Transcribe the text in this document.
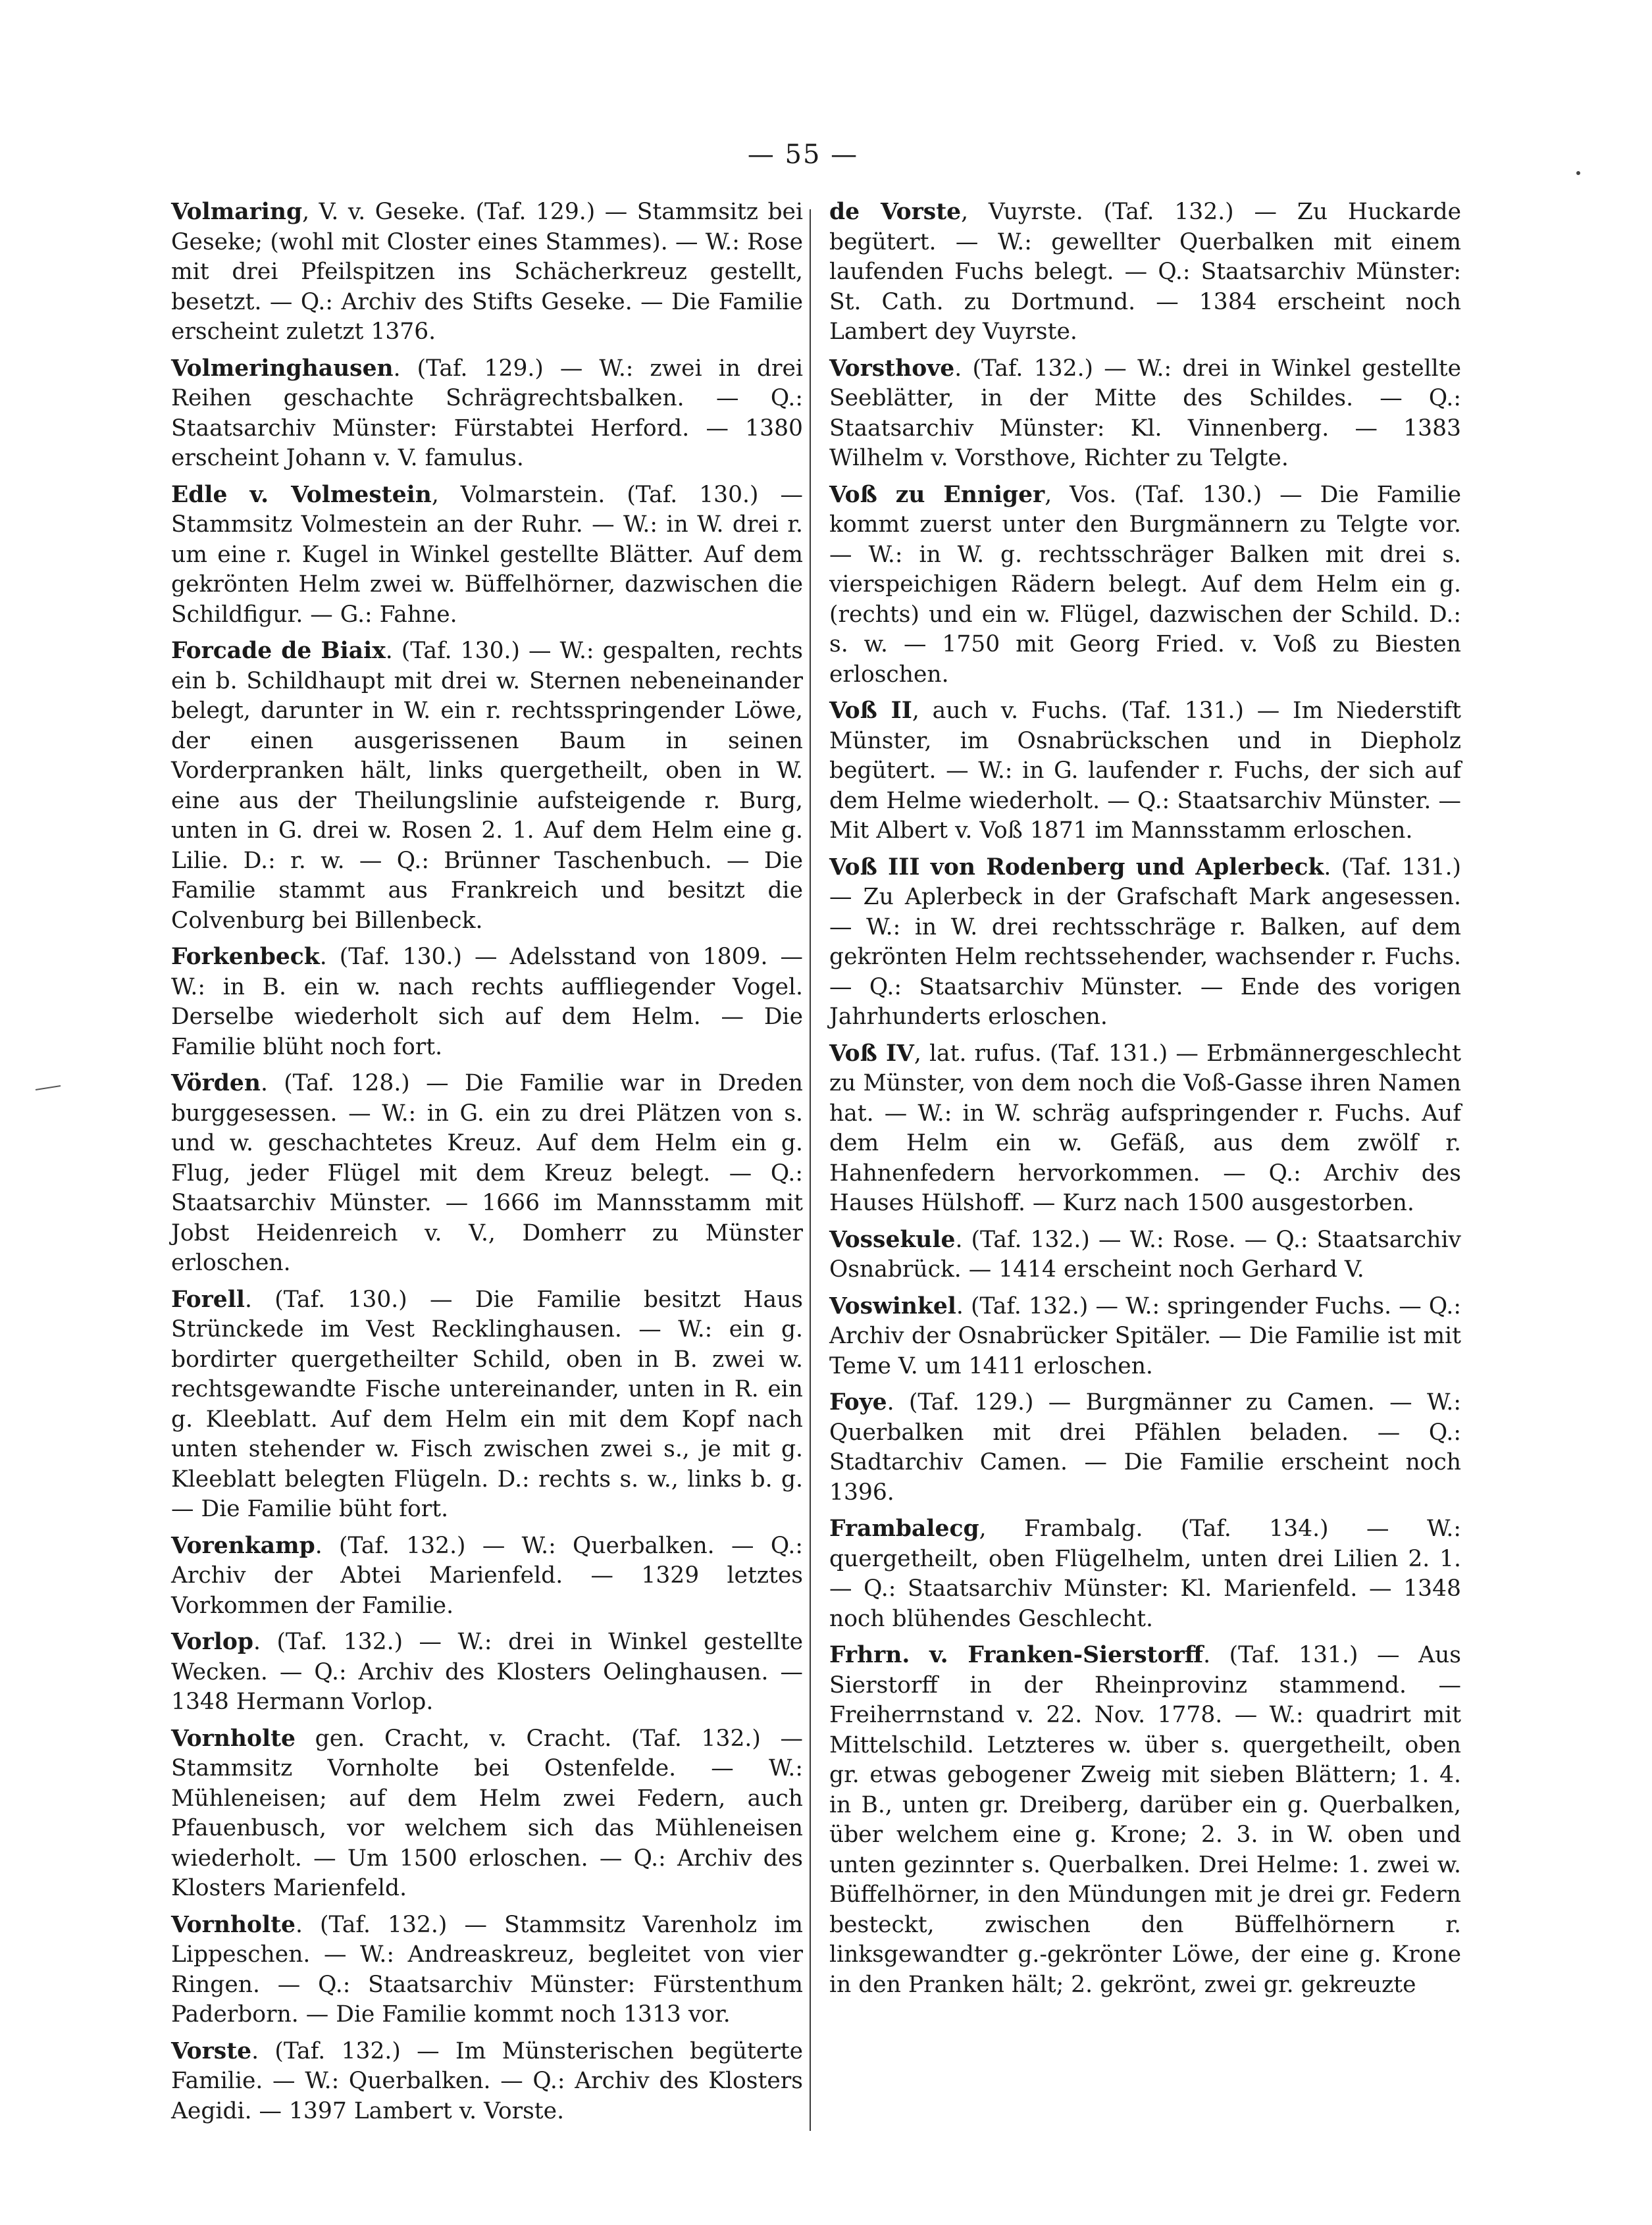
— 55 —
Volmaring, V. v. Geseke. (Taf. 129.) — Stammsitz bei Geseke; (wohl mit Closter eines Stammes). — W.: Rose mit drei Pfeilspitzen ins Schächerkreuz gestellt, besetzt. — Q.: Archiv des Stifts Geseke. — Die Familie erscheint zuletzt 1376.
Volmeringhausen. (Taf. 129.) — W.: zwei in drei Reihen geschachte Schrägrechtsbalken. — Q.: Staatsarchiv Münster: Fürstabtei Herford. — 1380 erscheint Johann v. V. famulus.
Edle v. Volmestein, Volmarstein. (Taf. 130.) — Stammsitz Volmestein an der Ruhr. — W.: in W. drei r. um eine r. Kugel in Winkel gestellte Blätter. Auf dem gekrönten Helm zwei w. Büffelhörner, dazwischen die Schildfigur. — G.: Fahne.
Forcade de Biaix. (Taf. 130.) — W.: gespalten, rechts ein b. Schildhaupt mit drei w. Sternen nebeneinander belegt, darunter in W. ein r. rechtsspringender Löwe, der einen ausgerissenen Baum in seinen Vorderpranken hält, links quergetheilt, oben in W. eine aus der Theilungslinie aufsteigende r. Burg, unten in G. drei w. Rosen 2. 1. Auf dem Helm eine g. Lilie. D.: r. w. — Q.: Brünner Taschenbuch. — Die Familie stammt aus Frankreich und besitzt die Colvenburg bei Billenbeck.
Forkenbeck. (Taf. 130.) — Adelsstand von 1809. — W.: in B. ein w. nach rechts auffliegender Vogel. Derselbe wiederholt sich auf dem Helm. — Die Familie blüht noch fort.
Vörden. (Taf. 128.) — Die Familie war in Dreden burggesessen. — W.: in G. ein zu drei Plätzen von s. und w. geschachtetes Kreuz. Auf dem Helm ein g. Flug, jeder Flügel mit dem Kreuz belegt. — Q.: Staatsarchiv Münster. — 1666 im Mannsstamm mit Jobst Heidenreich v. V., Domherr zu Münster erloschen.
Forell. (Taf. 130.) — Die Familie besitzt Haus Strünckede im Vest Recklinghausen. — W.: ein g. bordirter quergetheilter Schild, oben in B. zwei w. rechtsgewandte Fische untereinander, unten in R. ein g. Kleeblatt. Auf dem Helm ein mit dem Kopf nach unten stehender w. Fisch zwischen zwei s., je mit g. Kleeblatt belegten Flügeln. D.: rechts s. w., links b. g. — Die Familie büht fort.
Vorenkamp. (Taf. 132.) — W.: Querbalken. — Q.: Archiv der Abtei Marienfeld. — 1329 letztes Vorkommen der Familie.
Vorlop. (Taf. 132.) — W.: drei in Winkel gestellte Wecken. — Q.: Archiv des Klosters Oelinghausen. — 1348 Hermann Vorlop.
Vornholte gen. Cracht, v. Cracht. (Taf. 132.) — Stammsitz Vornholte bei Ostenfelde. — W.: Mühleneisen; auf dem Helm zwei Federn, auch Pfauenbusch, vor welchem sich das Mühleneisen wiederholt. — Um 1500 erloschen. — Q.: Archiv des Klosters Marienfeld.
Vornholte. (Taf. 132.) — Stammsitz Varenholz im Lippeschen. — W.: Andreaskreuz, begleitet von vier Ringen. — Q.: Staatsarchiv Münster: Fürstenthum Paderborn. — Die Familie kommt noch 1313 vor.
Vorste. (Taf. 132.) — Im Münsterischen begüterte Familie. — W.: Querbalken. — Q.: Archiv des Klosters Aegidi. — 1397 Lambert v. Vorste.
de Vorste, Vuyrste. (Taf. 132.) — Zu Huckarde begütert. — W.: gewellter Querbalken mit einem laufenden Fuchs belegt. — Q.: Staatsarchiv Münster: St. Cath. zu Dortmund. — 1384 erscheint noch Lambert dey Vuyrste.
Vorsthove. (Taf. 132.) — W.: drei in Winkel gestellte Seeblätter, in der Mitte des Schildes. — Q.: Staatsarchiv Münster: Kl. Vinnenberg. — 1383 Wilhelm v. Vorsthove, Richter zu Telgte.
Voß zu Enniger, Vos. (Taf. 130.) — Die Familie kommt zuerst unter den Burgmännern zu Telgte vor. — W.: in W. g. rechtsschräger Balken mit drei s. vierspeichigen Rädern belegt. Auf dem Helm ein g. (rechts) und ein w. Flügel, dazwischen der Schild. D.: s. w. — 1750 mit Georg Fried. v. Voß zu Biesten erloschen.
Voß II, auch v. Fuchs. (Taf. 131.) — Im Niederstift Münster, im Osnabrückschen und in Diepholz begütert. — W.: in G. laufender r. Fuchs, der sich auf dem Helme wiederholt. — Q.: Staatsarchiv Münster. — Mit Albert v. Voß 1871 im Mannsstamm erloschen.
Voß III von Rodenberg und Aplerbeck. (Taf. 131.) — Zu Aplerbeck in der Grafschaft Mark angesessen. — W.: in W. drei rechtsschräge r. Balken, auf dem gekrönten Helm rechtssehender, wachsender r. Fuchs. — Q.: Staatsarchiv Münster. — Ende des vorigen Jahrhunderts erloschen.
Voß IV, lat. rufus. (Taf. 131.) — Erbmännergeschlecht zu Münster, von dem noch die Voß-Gasse ihren Namen hat. — W.: in W. schräg aufspringender r. Fuchs. Auf dem Helm ein w. Gefäß, aus dem zwölf r. Hahnenfedern hervorkommen. — Q.: Archiv des Hauses Hülshoff. — Kurz nach 1500 ausgestorben.
Vossekule. (Taf. 132.) — W.: Rose. — Q.: Staatsarchiv Osnabrück. — 1414 erscheint noch Gerhard V.
Voswinkel. (Taf. 132.) — W.: springender Fuchs. — Q.: Archiv der Osnabrücker Spitäler. — Die Familie ist mit Teme V. um 1411 erloschen.
Foye. (Taf. 129.) — Burgmänner zu Camen. — W.: Querbalken mit drei Pfählen beladen. — Q.: Stadtarchiv Camen. — Die Familie erscheint noch 1396.
Frambalecg, Frambalg. (Taf. 134.) — W.: quergetheilt, oben Flügelhelm, unten drei Lilien 2. 1. — Q.: Staatsarchiv Münster: Kl. Marienfeld. — 1348 noch blühendes Geschlecht.
Frhrn. v. Franken-Sierstorff. (Taf. 131.) — Aus Sierstorff in der Rheinprovinz stammend. — Freiherrnstand v. 22. Nov. 1778. — W.: quadrirt mit Mittelschild. Letzteres w. über s. quergetheilt, oben gr. etwas gebogener Zweig mit sieben Blättern; 1. 4. in B., unten gr. Dreiberg, darüber ein g. Querbalken, über welchem eine g. Krone; 2. 3. in W. oben und unten gezinnter s. Querbalken. Drei Helme: 1. zwei w. Büffelhörner, in den Mündungen mit je drei gr. Federn besteckt, zwischen den Büffelhörnern r. linksgewandter g.-gekrönter Löwe, der eine g. Krone in den Pranken hält; 2. gekrönt, zwei gr. gekreuzte
